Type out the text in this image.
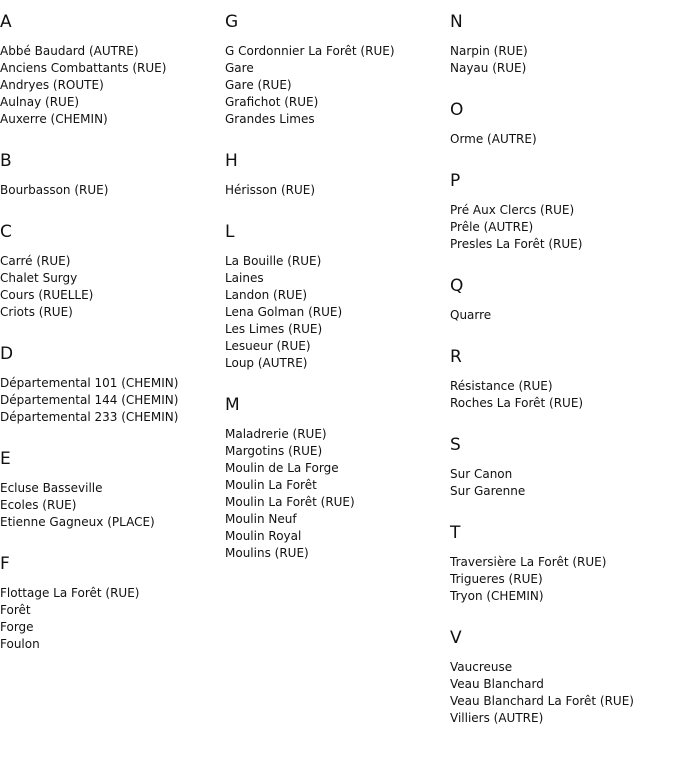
A
Abbé Baudard (AUTRE)
Anciens Combattants (RUE)
Andryes (ROUTE)
Aulnay (RUE)
Auxerre (CHEMIN)
B
Bourbasson (RUE)
C
Carré (RUE)
Chalet Surgy
Cours (RUELLE)
Criots (RUE)
D
Départemental 101 (CHEMIN)
Départemental 144 (CHEMIN)
Départemental 233 (CHEMIN)
E
Ecluse Basseville
Ecoles (RUE)
Etienne Gagneux (PLACE)
F
Flottage La Forêt (RUE)
Forêt
Forge
Foulon
G
G Cordonnier La Forêt (RUE)
Gare
Gare (RUE)
Grafichot (RUE)
Grandes Limes
H
Hérisson (RUE)
L
La Bouille (RUE)
Laines
Landon (RUE)
Lena Golman (RUE)
Les Limes (RUE)
Lesueur (RUE)
Loup (AUTRE)
M
Maladrerie (RUE)
Margotins (RUE)
Moulin de La Forge
Moulin La Forêt
Moulin La Forêt (RUE)
Moulin Neuf
Moulin Royal
Moulins (RUE)
N
Narpin (RUE)
Nayau (RUE)
O
Orme (AUTRE)
P
Pré Aux Clercs (RUE)
Prêle (AUTRE)
Presles La Forêt (RUE)
Q
Quarre
R
Résistance (RUE)
Roches La Forêt (RUE)
S
Sur Canon
Sur Garenne
T
Traversière La Forêt (RUE)
Trigueres (RUE)
Tryon (CHEMIN)
V
Vaucreuse
Veau Blanchard
Veau Blanchard La Forêt (RUE)
Villiers (AUTRE)
